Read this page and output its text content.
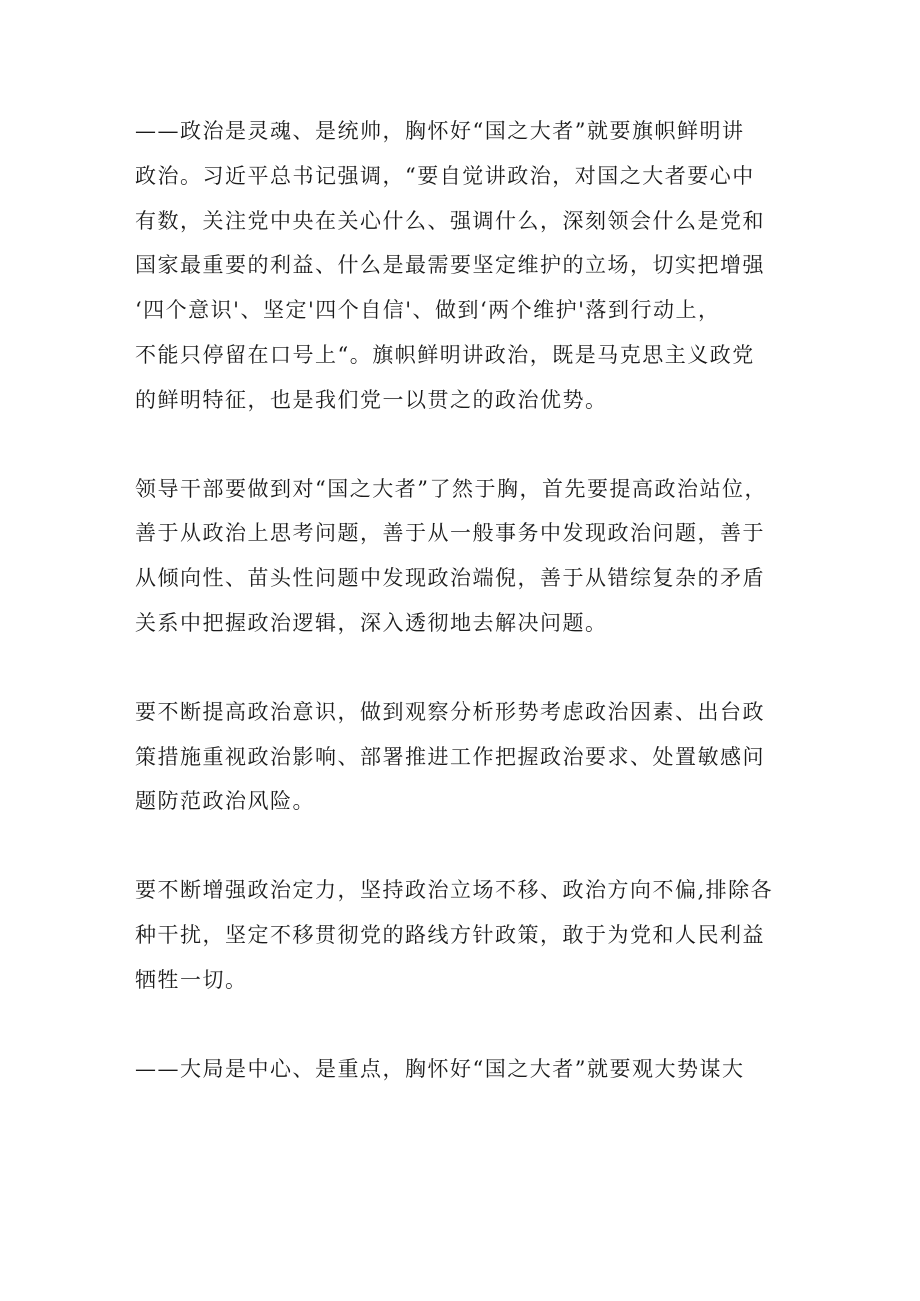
——政治是灵魂、是统帅，胸怀好“国之大者”就要旗帜鲜明讲
政治。习近平总书记强调，“要自觉讲政治，对国之大者要心中
有数，关注党中央在关心什么、强调什么，深刻领会什么是党和
国家最重要的利益、什么是最需要坚定维护的立场，切实把增强
‘四个意识'、坚定'四个自信'、做到‘两个维护'落到行动上，
不能只停留在口号上“。旗帜鲜明讲政治，既是马克思主义政党
的鲜明特征，也是我们党一以贯之的政治优势。

领导干部要做到对“国之大者”了然于胸，首先要提高政治站位，
善于从政治上思考问题，善于从一般事务中发现政治问题，善于
从倾向性、苗头性问题中发现政治端倪，善于从错综复杂的矛盾
关系中把握政治逻辑，深入透彻地去解决问题。

要不断提高政治意识，做到观察分析形势考虑政治因素、出台政
策措施重视政治影响、部署推进工作把握政治要求、处置敏感问
题防范政治风险。

要不断增强政治定力，坚持政治立场不移、政治方向不偏,排除各
种干扰，坚定不移贯彻党的路线方针政策，敢于为党和人民利益
牺牲一切。

——大局是中心、是重点，胸怀好“国之大者”就要观大势谋大
